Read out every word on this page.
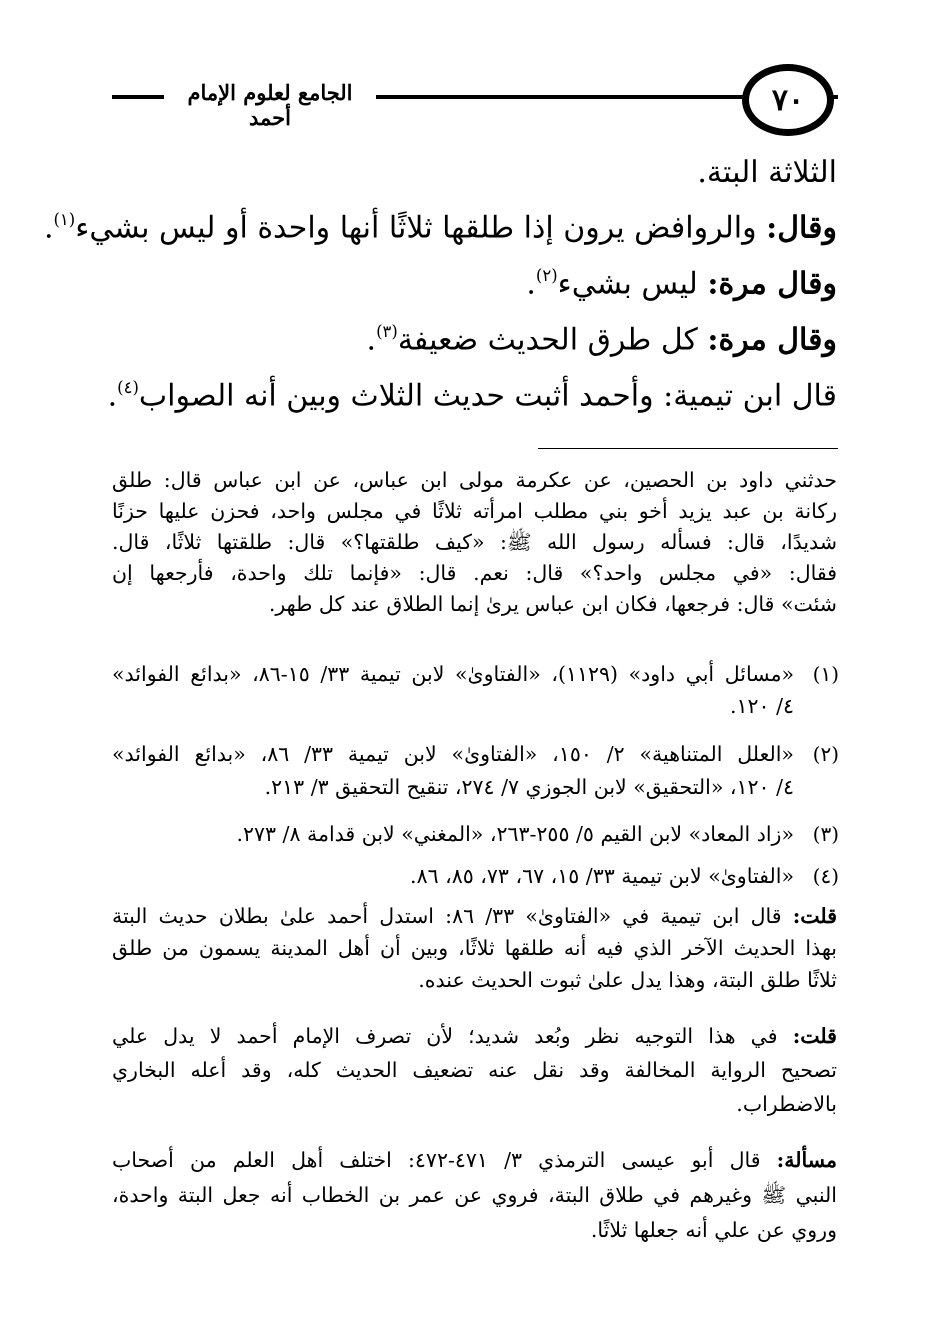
الجامع لعلوم الإمام أحمد	٧٠
الثلاثة البتة.
وقال: والروافض يرون إذا طلقها ثلاثًا أنها واحدة أو ليس بشيء$^{(١)}$.
وقال مرة: ليس بشيء$^{(٢)}$.
وقال مرة: كل طرق الحديث ضعيفة$^{(٣)}$.
قال ابن تيمية: وأحمد أثبت حديث الثلاث وبين أنه الصواب$^{(٤)}$.
حدثني داود بن الحصين، عن عكرمة مولى ابن عباس، عن ابن عباس قال: طلق
ركانة بن عبد يزيد أخو بني مطلب امرأته ثلاثًا في مجلس واحد، فحزن عليها حزنًا
شديدًا، قال: فسأله رسول الله ﷺ: «كيف طلقتها؟» قال: طلقتها ثلاثًا، قال.
فقال: «في مجلس واحد؟» قال: نعم. قال: «فإنما تلك واحدة، فأرجعها إن
شئت» قال: فرجعها، فكان ابن عباس يرىٰ إنما الطلاق عند كل طهر.
(١)
«مسائل أبي داود» (١١٢٩)، «الفتاوىٰ» لابن تيمية ٣٣/ ١٥-٨٦، «بدائع الفوائد»
٤/ ١٢٠.
(٢)
«العلل المتناهية» ٢/ ١٥٠، «الفتاوىٰ» لابن تيمية ٣٣/ ٨٦، «بدائع الفوائد»
٤/ ١٢٠، «التحقيق» لابن الجوزي ٧/ ٢٧٤، تنقيح التحقيق ٣/ ٢١٣.
(٣)
«زاد المعاد» لابن القيم ٥/ ٢٥٥-٢٦٣، «المغني» لابن قدامة ٨/ ٢٧٣.
(٤)
«الفتاوىٰ» لابن تيمية ٣٣/ ١٥، ٦٧، ٧٣، ٨٥، ٨٦.
قلت: قال ابن تيمية في «الفتاوىٰ» ٣٣/ ٨٦: استدل أحمد علىٰ بطلان حديث البتة
بهذا الحديث الآخر الذي فيه أنه طلقها ثلاثًا، وبين أن أهل المدينة يسمون من طلق
ثلاثًا طلق البتة، وهذا يدل علىٰ ثبوت الحديث عنده.
قلت: في هذا التوجيه نظر وبُعد شديد؛ لأن تصرف الإمام أحمد لا يدل علي
تصحيح الرواية المخالفة وقد نقل عنه تضعيف الحديث كله، وقد أعله البخاري
بالاضطراب.
مسألة: قال أبو عيسى الترمذي ٣/ ٤٧١-٤٧٢: اختلف أهل العلم من أصحاب
النبي ﷺ وغيرهم في طلاق البتة، فروي عن عمر بن الخطاب أنه جعل البتة واحدة،
وروي عن علي أنه جعلها ثلاثًا.
